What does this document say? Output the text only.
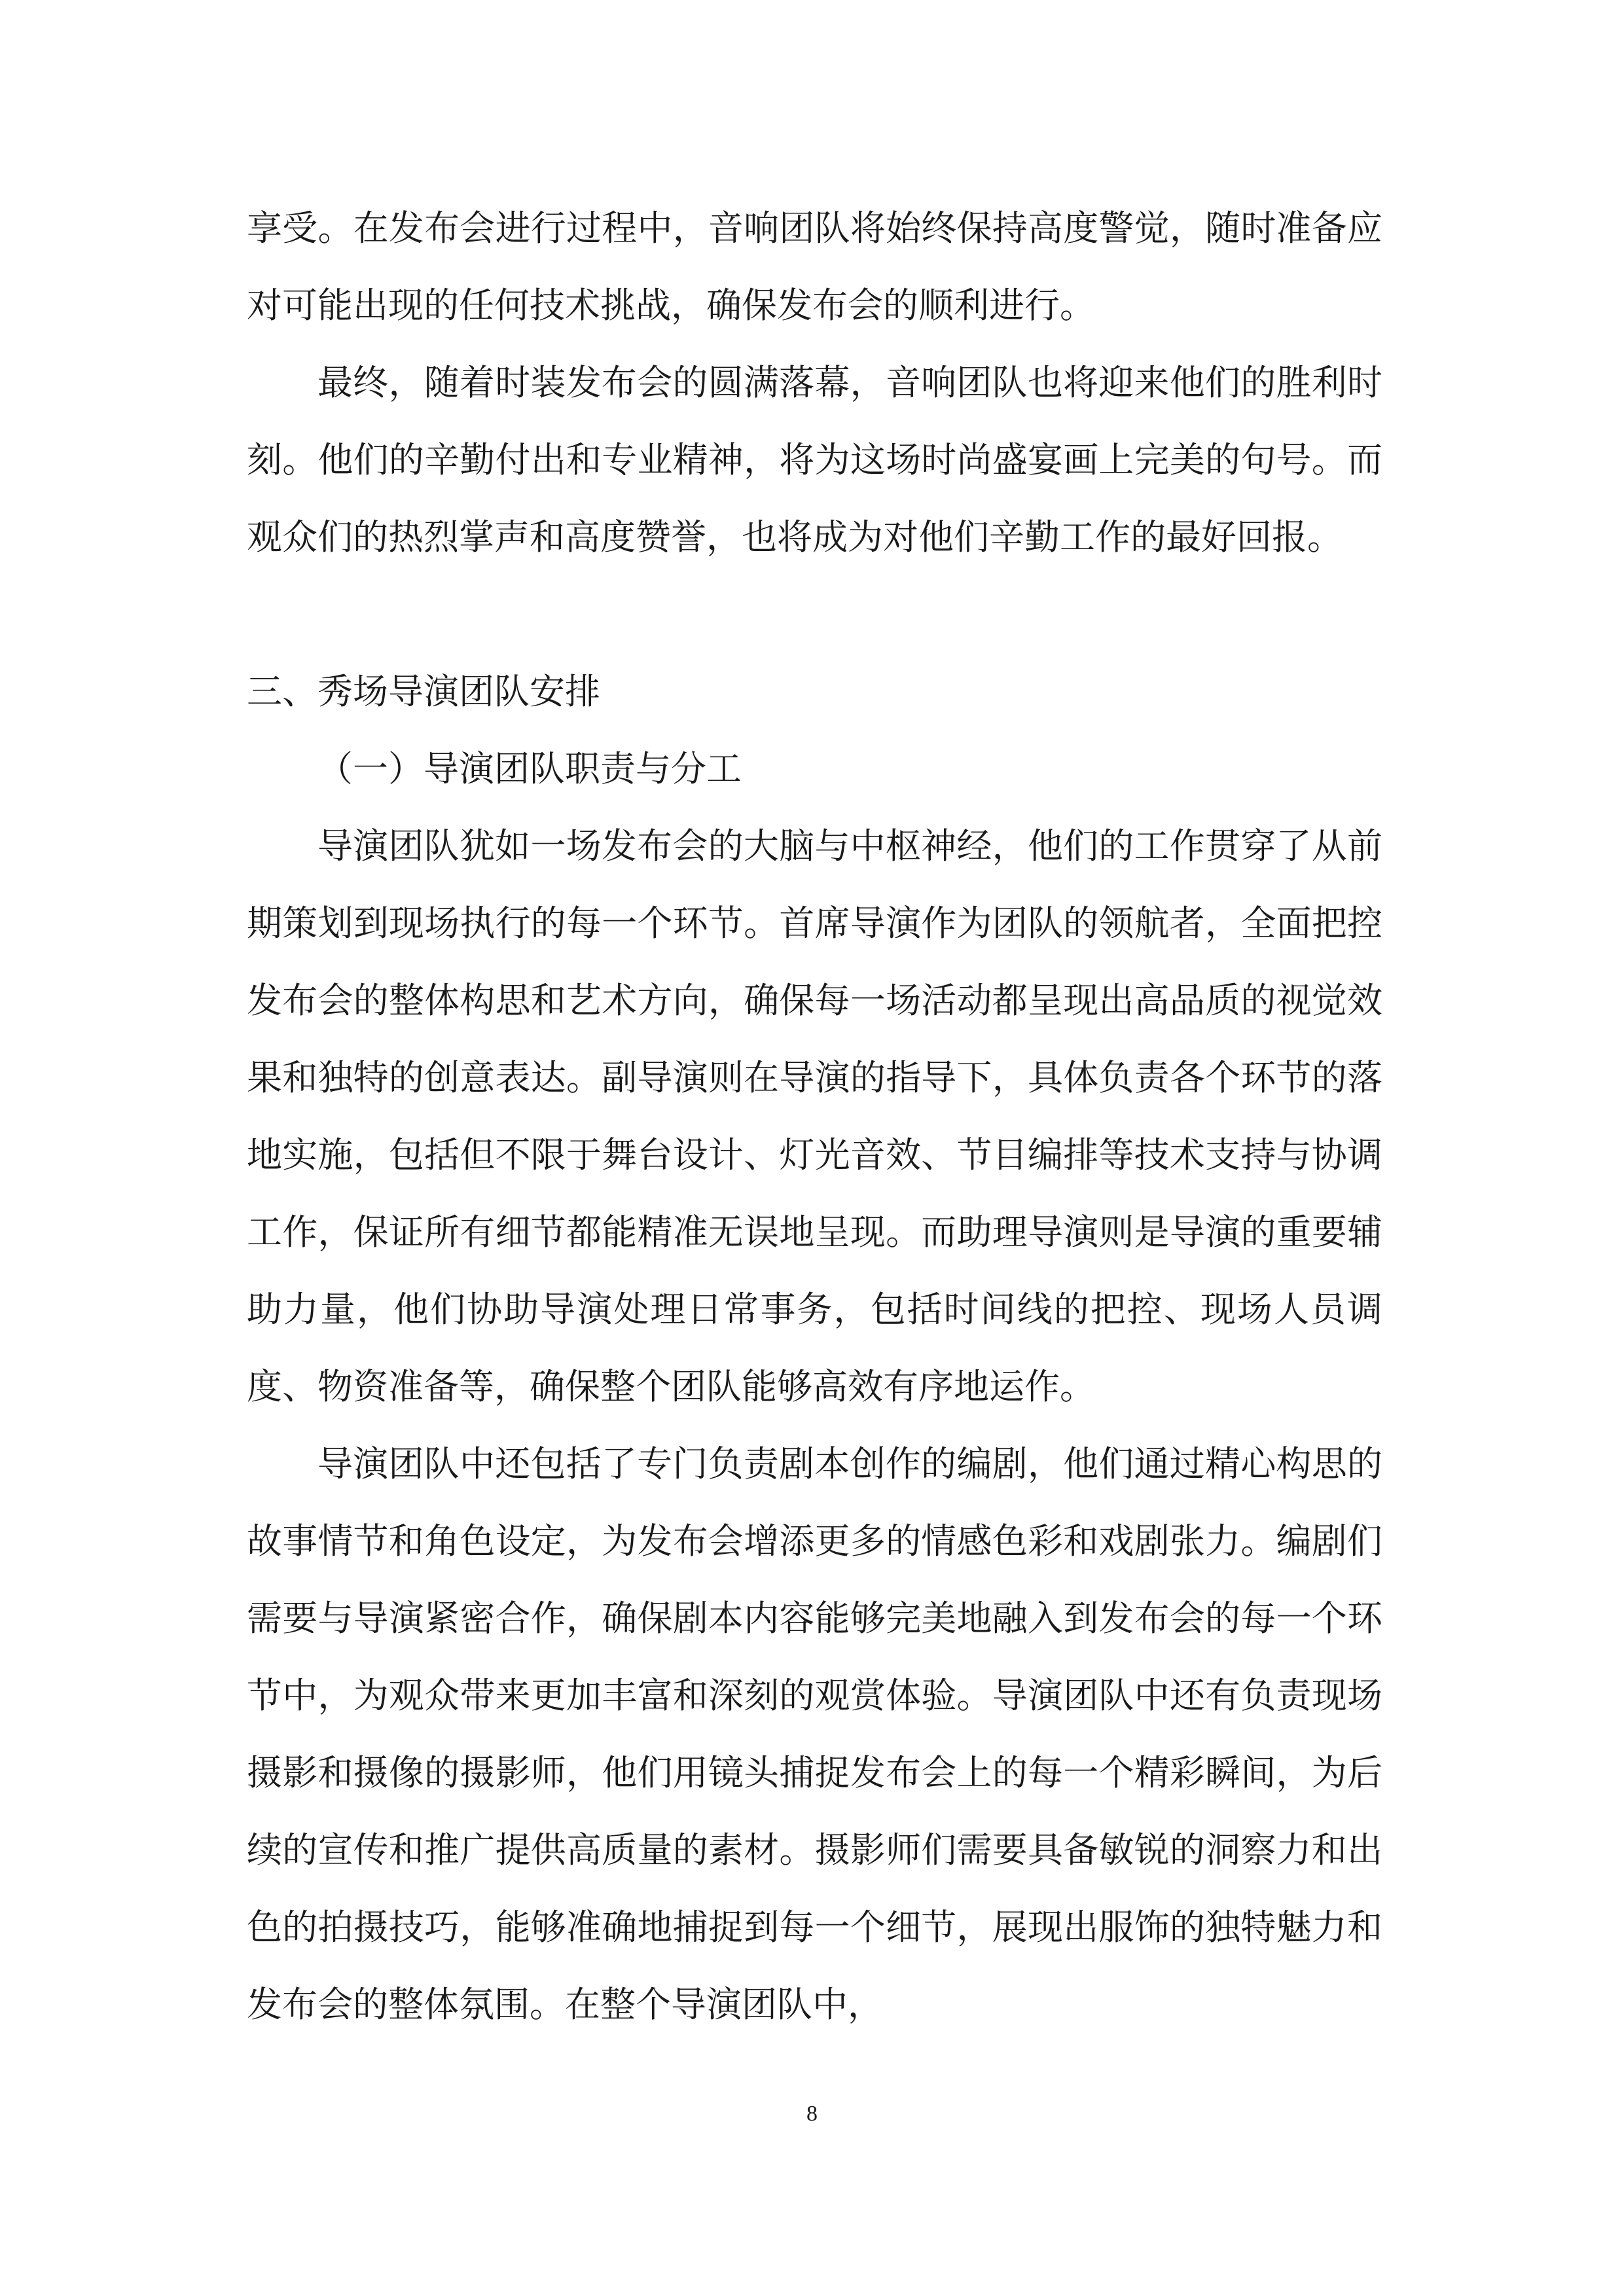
享受。在发布会进行过程中，音响团队将始终保持高度警觉，随时准备应对可能出现的任何技术挑战，确保发布会的顺利进行。

最终，随着时装发布会的圆满落幕，音响团队也将迎来他们的胜利时刻。他们的辛勤付出和专业精神，将为这场时尚盛宴画上完美的句号。而观众们的热烈掌声和高度赞誉，也将成为对他们辛勤工作的最好回报。

三、秀场导演团队安排
（一）导演团队职责与分工

导演团队犹如一场发布会的大脑与中枢神经，他们的工作贯穿了从前期策划到现场执行的每一个环节。首席导演作为团队的领航者，全面把控发布会的整体构思和艺术方向，确保每一场活动都呈现出高品质的视觉效果和独特的创意表达。副导演则在导演的指导下，具体负责各个环节的落地实施，包括但不限于舞台设计、灯光音效、节目编排等技术支持与协调工作，保证所有细节都能精准无误地呈现。而助理导演则是导演的重要辅助力量，他们协助导演处理日常事务，包括时间线的把控、现场人员调度、物资准备等，确保整个团队能够高效有序地运作。

导演团队中还包括了专门负责剧本创作的编剧，他们通过精心构思的故事情节和角色设定，为发布会增添更多的情感色彩和戏剧张力。编剧们需要与导演紧密合作，确保剧本内容能够完美地融入到发布会的每一个环节中，为观众带来更加丰富和深刻的观赏体验。导演团队中还有负责现场摄影和摄像的摄影师，他们用镜头捕捉发布会上的每一个精彩瞬间，为后续的宣传和推广提供高质量的素材。摄影师们需要具备敏锐的洞察力和出色的拍摄技巧，能够准确地捕捉到每一个细节，展现出服饰的独特魅力和发布会的整体氛围。在整个导演团队中，

8
